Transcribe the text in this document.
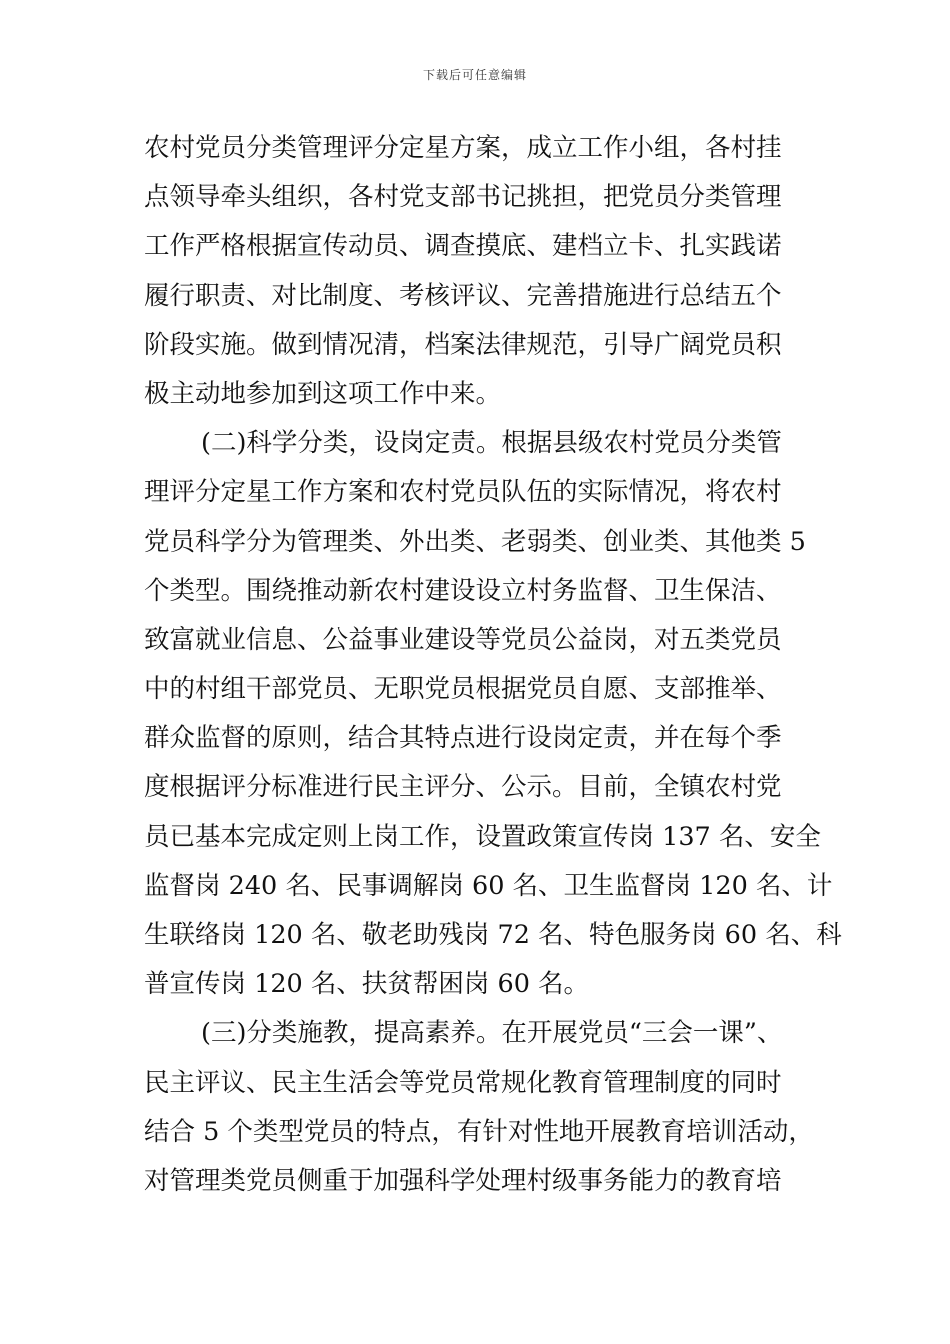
下载后可任意编辑
农村党员分类管理评分定星方案，成立工作小组，各村挂
点领导牵头组织，各村党支部书记挑担，把党员分类管理
工作严格根据宣传动员、调查摸底、建档立卡、扎实践诺
履行职责、对比制度、考核评议、完善措施进行总结五个
阶段实施。做到情况清，档案法律规范，引导广阔党员积
极主动地参加到这项工作中来。
(二)科学分类，设岗定责。根据县级农村党员分类管
理评分定星工作方案和农村党员队伍的实际情况，将农村
党员科学分为管理类、外出类、老弱类、创业类、其他类 5
个类型。围绕推动新农村建设设立村务监督、卫生保洁、
致富就业信息、公益事业建设等党员公益岗，对五类党员
中的村组干部党员、无职党员根据党员自愿、支部推举、
群众监督的原则，结合其特点进行设岗定责，并在每个季
度根据评分标准进行民主评分、公示。目前，全镇农村党
员已基本完成定则上岗工作，设置政策宣传岗 137 名、安全
监督岗 240 名、民事调解岗 60 名、卫生监督岗 120 名、计
生联络岗 120 名、敬老助残岗 72 名、特色服务岗 60 名、科
普宣传岗 120 名、扶贫帮困岗 60 名。
(三)分类施教，提高素养。在开展党员“三会一课”、
民主评议、民主生活会等党员常规化教育管理制度的同时
结合 5 个类型党员的特点，有针对性地开展教育培训活动，
对管理类党员侧重于加强科学处理村级事务能力的教育培
